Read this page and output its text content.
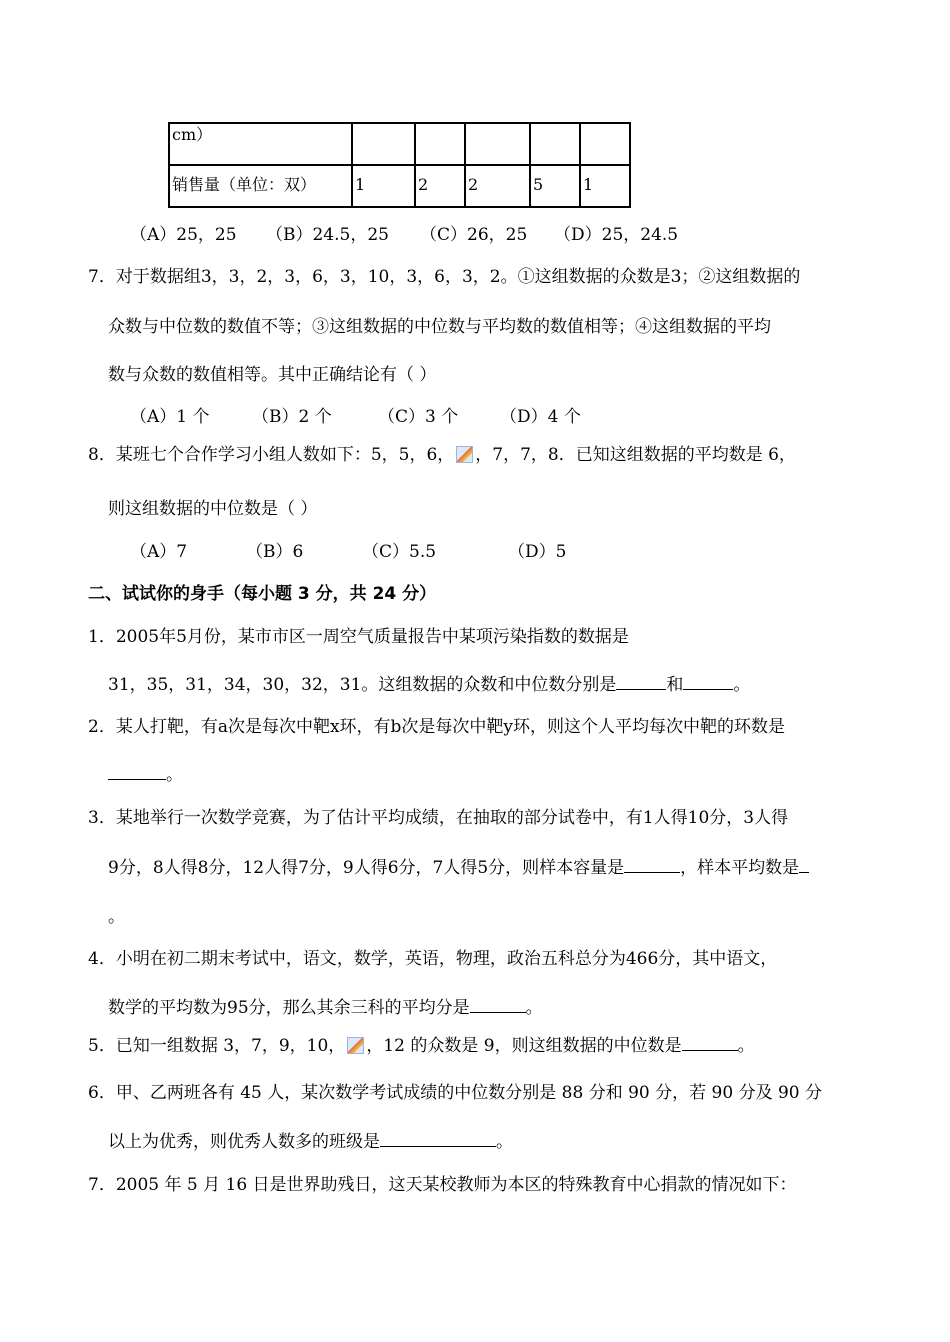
cm）					
销售量（单位：双）	1	2	2	5	1
（A）25，25 （B）24.5，25 （C）26，25 （D）25，24.5
7．对于数据组3，3，2，3，6，3，10，3，6，3，2。①这组数据的众数是3；②这组数据的
众数与中位数的数值不等；③这组数据的中位数与平均数的数值相等；④这组数据的平均
数与众数的数值相等。其中正确结论有（ ）
（A）1 个	（B）2 个	（C）3 个 （D）4 个
8．某班七个合作学习小组人数如下：5，5，6， ，7，7，8．已知这组数据的平均数是 6，
则这组数据的中位数是（ ）
（A）7	（B）6	（C）5.5	（D）5
二、试试你的身手（每小题 3 分，共 24 分）
1．2005年5月份，某市市区一周空气质量报告中某项污染指数的数据是
31，35，31，34，30，32，31。这组数据的众数和中位数分别是	和	。
2．某人打靶，有a次是每次中靶x环，有b次是每次中靶y环，则这个人平均每次中靶的环数是
。
3．某地举行一次数学竞赛，为了估计平均成绩，在抽取的部分试卷中，有1人得10分，3人得
9分，8人得8分，12人得7分，9人得6分，7人得5分，则样本容量是	，样本平均数是
。
4．小明在初二期末考试中，语文，数学，英语，物理，政治五科总分为466分，其中语文，
数学的平均数为95分，那么其余三科的平均分是	。
5．已知一组数据 3，7，9，10， ，12 的众数是 9，则这组数据的中位数是	。
6．甲、乙两班各有 45 人，某次数学考试成绩的中位数分别是 88 分和 90 分，若 90 分及 90 分
以上为优秀，则优秀人数多的班级是	。
7．2005 年 5 月 16 日是世界助残日，这天某校教师为本区的特殊教育中心捐款的情况如下：
